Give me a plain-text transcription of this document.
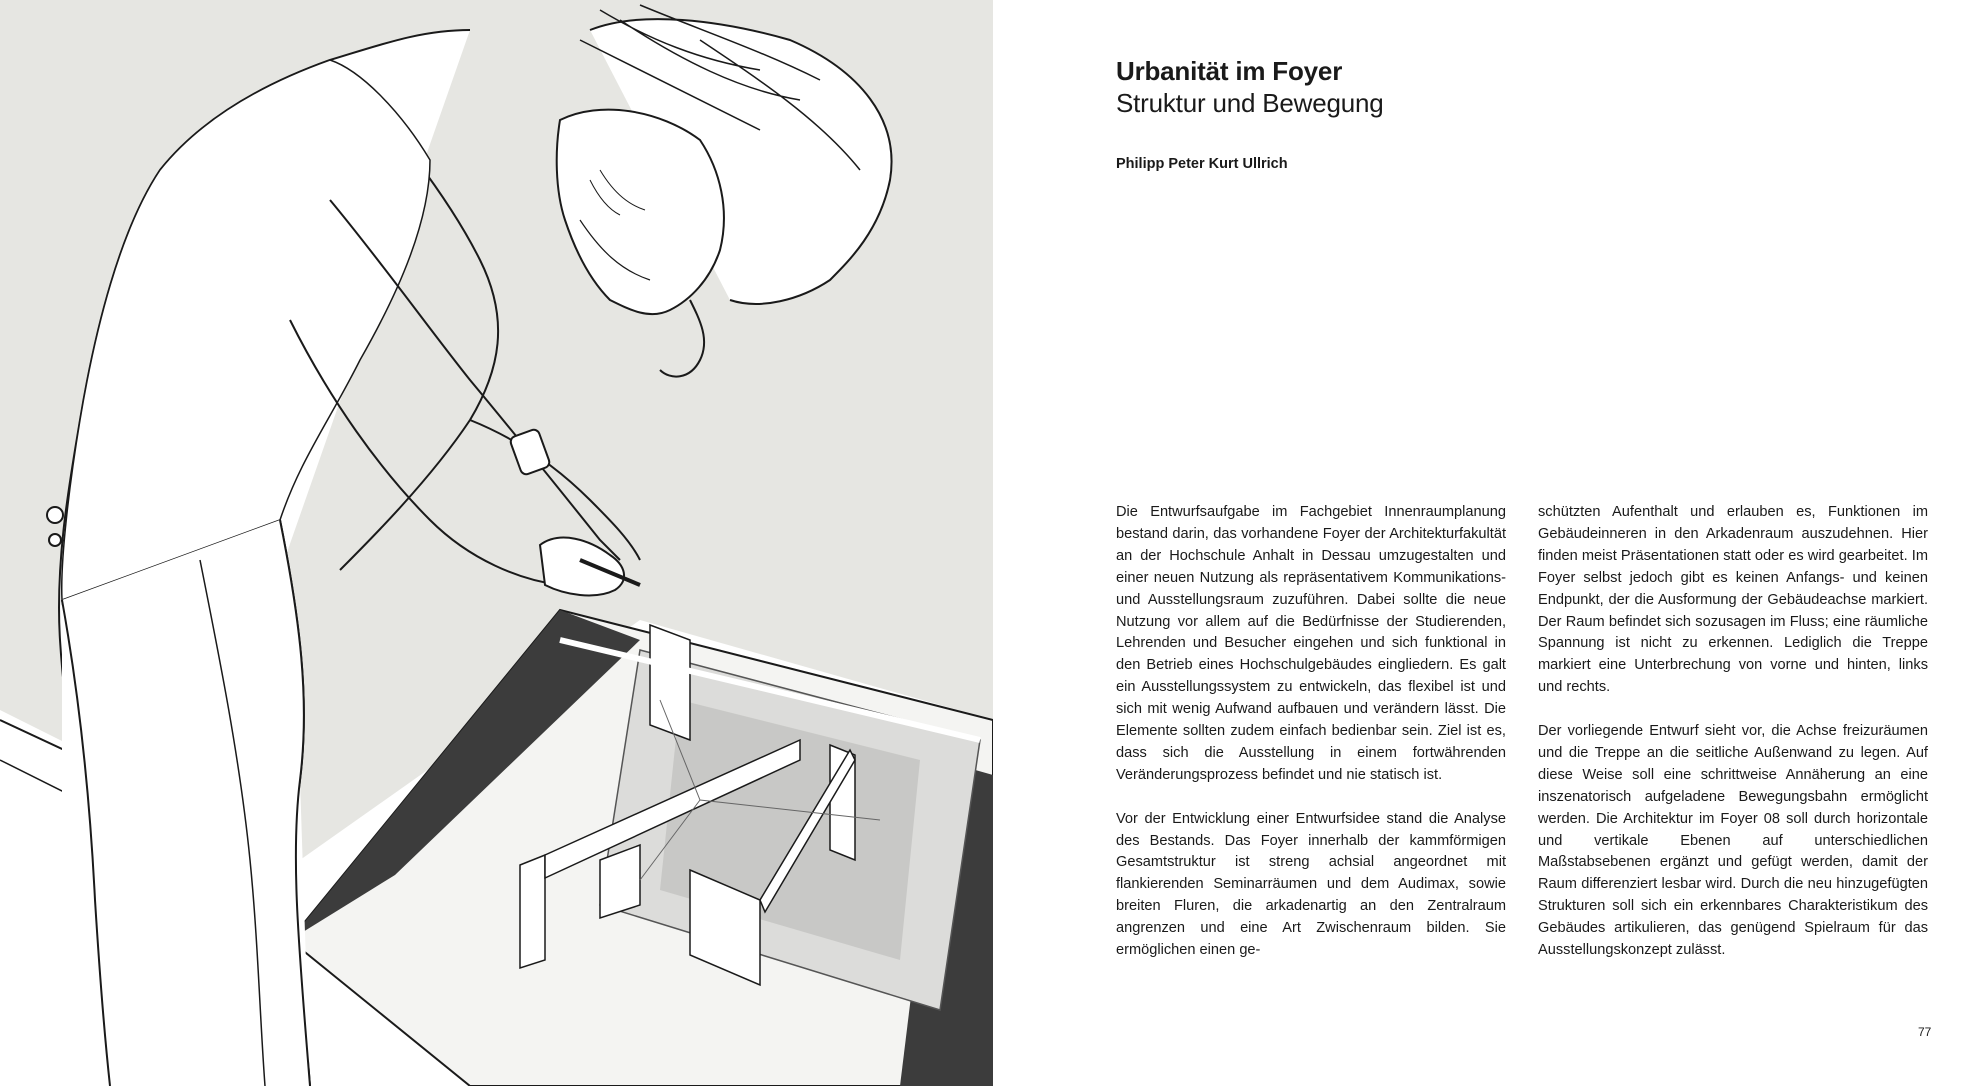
Urbanität im Foyer
Struktur und Bewegung

Philipp Peter Kurt Ullrich

Die Entwurfsaufgabe im Fachgebiet Innenraumplanung bestand darin, das vorhandene Foyer der Architekturfakultät an der Hochschule Anhalt in Dessau umzugestalten und einer neuen Nutzung als repräsentativem Kommunikations- und Ausstellungsraum zuzuführen. Dabei sollte die neue Nutzung vor allem auf die Bedürfnisse der Studierenden, Lehrenden und Besucher eingehen und sich funktional in den Betrieb eines Hochschulgebäudes eingliedern. Es galt ein Ausstellungssystem zu entwickeln, das flexibel ist und sich mit wenig Aufwand aufbauen und verändern lässt. Die Elemente sollten zudem einfach bedienbar sein. Ziel ist es, dass sich die Ausstellung in einem fortwährenden Veränderungsprozess befindet und nie statisch ist.

Vor der Entwicklung einer Entwurfsidee stand die Analyse des Bestands. Das Foyer innerhalb der kammförmigen Gesamtstruktur ist streng achsial angeordnet mit flankierenden Seminarräumen und dem Audimax, sowie breiten Fluren, die arkadenartig an den Zentralraum angrenzen und eine Art Zwischenraum bilden. Sie ermöglichen einen ge-

schützten Aufenthalt und erlauben es, Funktionen im Gebäudeinneren in den Arkadenraum auszudehnen. Hier finden meist Präsentationen statt oder es wird gearbeitet. Im Foyer selbst jedoch gibt es keinen Anfangs- und keinen Endpunkt, der die Ausformung der Gebäudeachse markiert. Der Raum befindet sich sozusagen im Fluss; eine räumliche Spannung ist nicht zu erkennen. Lediglich die Treppe markiert eine Unterbrechung von vorne und hinten, links und rechts.

Der vorliegende Entwurf sieht vor, die Achse freizuräumen und die Treppe an die seitliche Außenwand zu legen. Auf diese Weise soll eine schrittweise Annäherung an eine inszenatorisch aufgeladene Bewegungsbahn ermöglicht werden. Die Architektur im Foyer 08 soll durch horizontale und vertikale Ebenen auf unterschiedlichen Maßstabsebenen ergänzt und gefügt werden, damit der Raum differenziert lesbar wird. Durch die neu hinzugefügten Strukturen soll sich ein erkennbares Charakteristikum des Gebäudes artikulieren, das genügend Spielraum für das Ausstellungskonzept zulässt.

77
